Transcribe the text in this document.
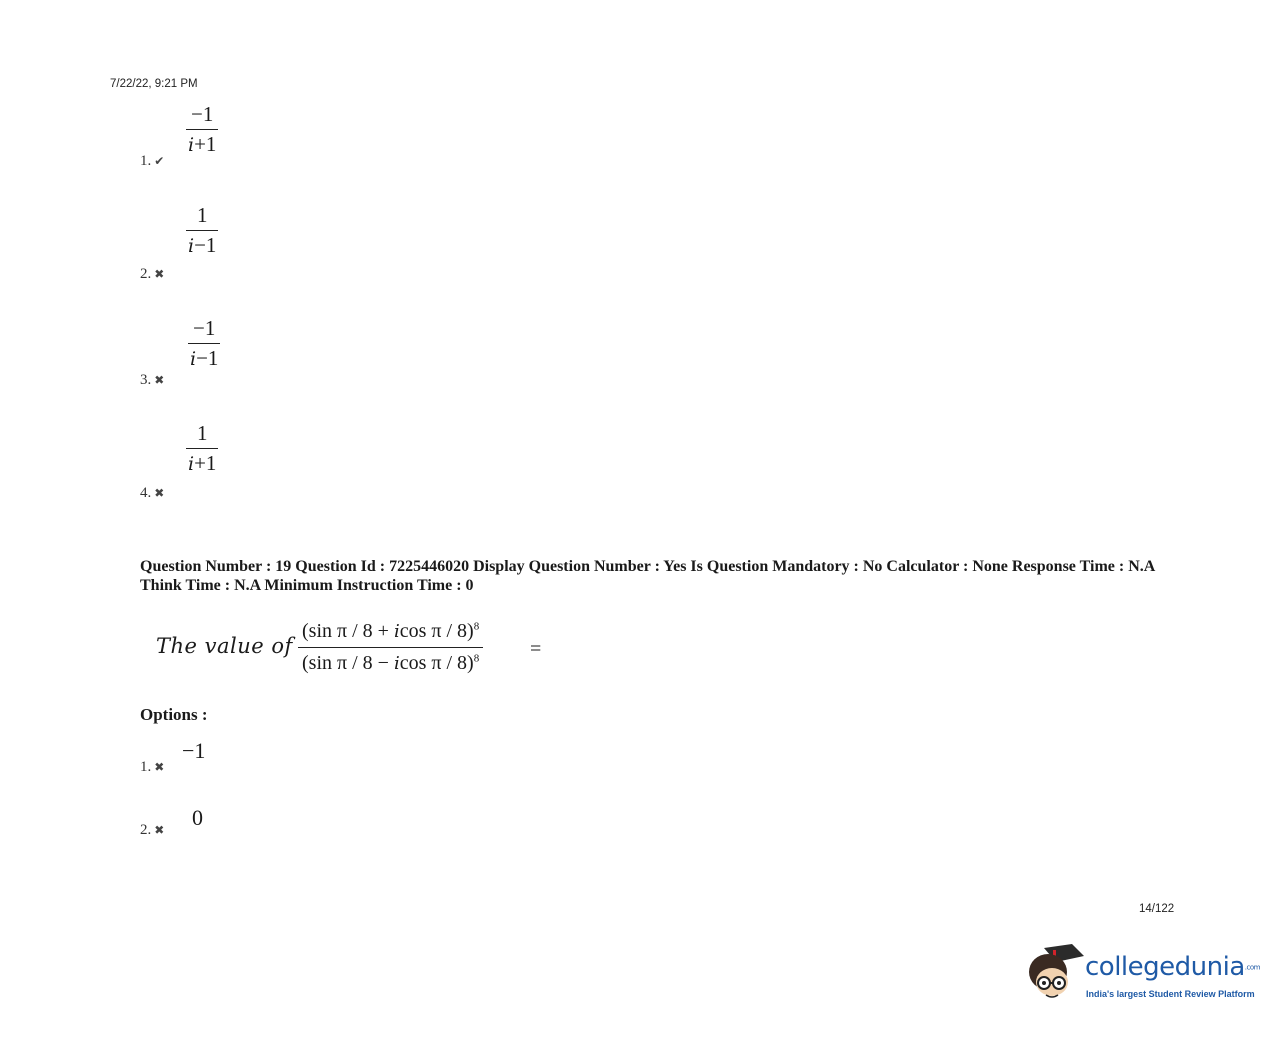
7/22/22, 9:21 PM
$\frac{-1}{i+1}$
1. ✔
$\frac{1}{i-1}$
2. ✖
$\frac{-1}{i-1}$
3. ✖
$\frac{1}{i+1}$
4. ✖
Question Number : 19 Question Id : 7225446020 Display Question Number : Yes Is Question Mandatory : No Calculator : None Response Time : N.A Think Time : N.A Minimum Instruction Time : 0
The value of $\frac{(\sin \pi / 8 + icos \pi / 8)^8}{(\sin \pi / 8 - icos \pi / 8)^8}$ =
Options :
−1
1. ✖
0
2. ✖
14/122
collegedunia.com
India's largest Student Review Platform
